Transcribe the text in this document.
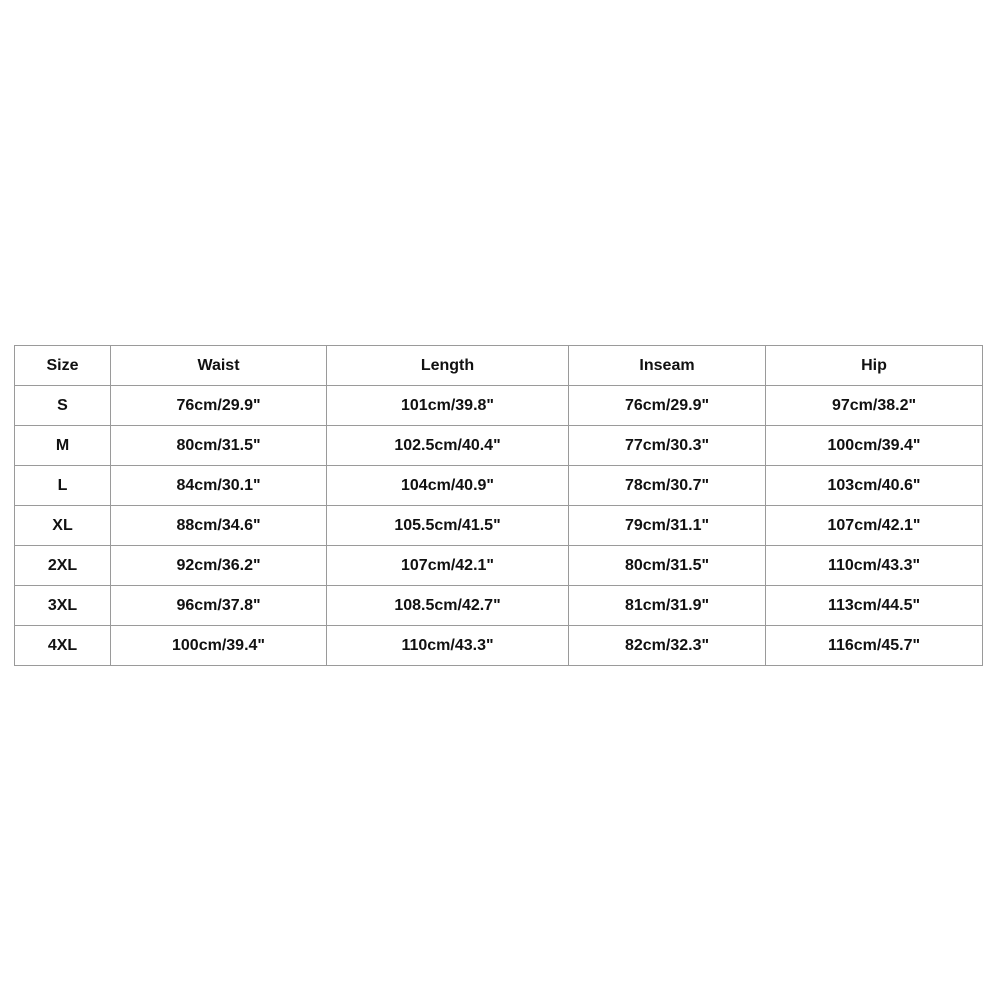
Size	Waist	Length	Inseam	Hip
S	76cm/29.9"	101cm/39.8"	76cm/29.9"	97cm/38.2"
M	80cm/31.5"	102.5cm/40.4"	77cm/30.3"	100cm/39.4"
L	84cm/30.1"	104cm/40.9"	78cm/30.7"	103cm/40.6"
XL	88cm/34.6"	105.5cm/41.5"	79cm/31.1"	107cm/42.1"
2XL	92cm/36.2"	107cm/42.1"	80cm/31.5"	110cm/43.3"
3XL	96cm/37.8"	108.5cm/42.7"	81cm/31.9"	113cm/44.5"
4XL	100cm/39.4"	110cm/43.3"	82cm/32.3"	116cm/45.7"
